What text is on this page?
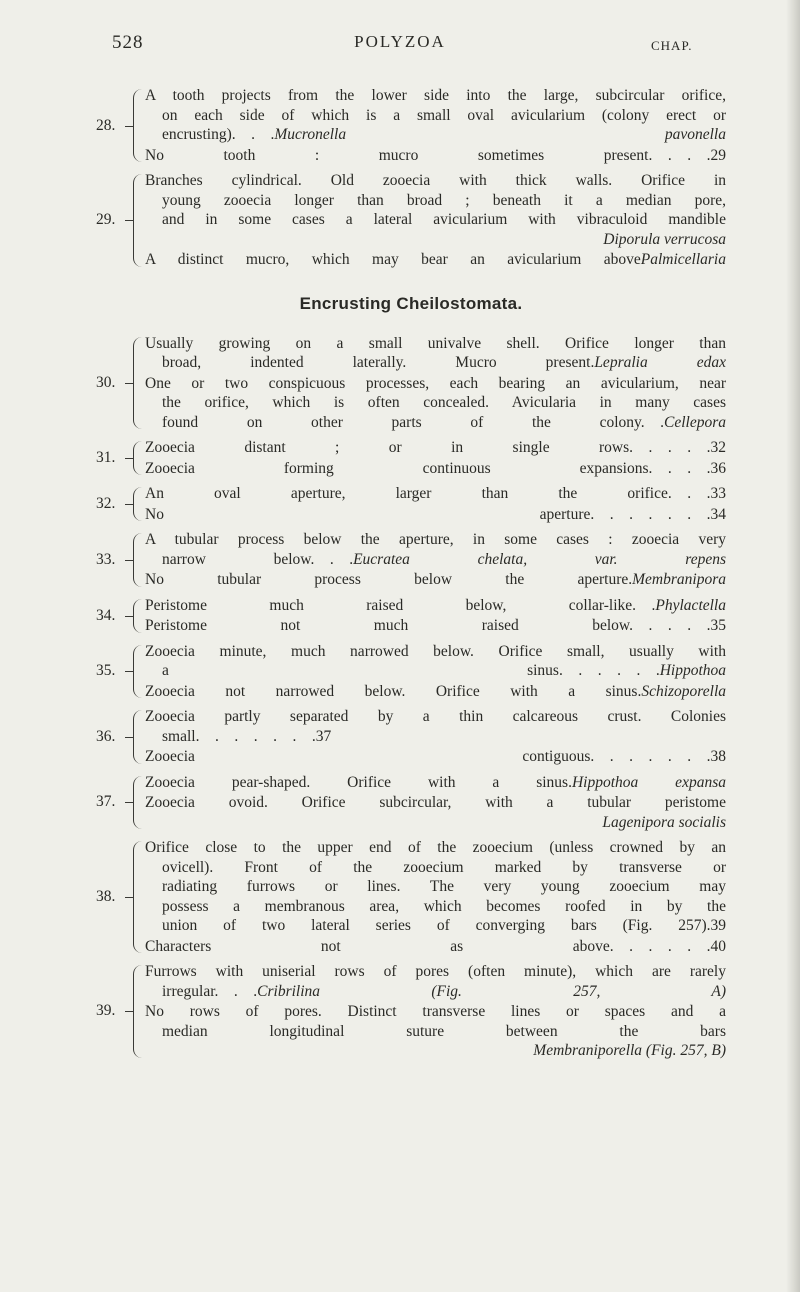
528	POLYZOA	CHAP.
28.
A tooth projects from the lower side into the large, subcircular orifice,
on each side of which is a small oval avicularium (colony erect or
encrusting). . .Mucronella pavonella
No tooth : mucro sometimes present. . . .29
29.
Branches cylindrical. Old zooecia with thick walls. Orifice in
young zooecia longer than broad ; beneath it a median pore,
and in some cases a lateral avicularium with vibraculoid mandible
Diporula verrucosa
A distinct mucro, which may bear an avicularium abovePalmicellaria
Encrusting Cheilostomata.
30.
Usually growing on a small univalve shell. Orifice longer than
broad, indented laterally. Mucro present.Lepralia edax
One or two conspicuous processes, each bearing an avicularium, near
the orifice, which is often concealed. Avicularia in many cases
found on other parts of the colony. .Cellepora
31.
Zooecia distant ; or in single rows. . . . .32
Zooecia forming continuous expansions. . . .36
32.
An oval aperture, larger than the orifice. . .33
No aperture. . . . . . .34
33.
A tubular process below the aperture, in some cases : zooecia very
narrow below. . .Eucratea chelata, var. repens
No tubular process below the aperture.Membranipora
34.
Peristome much raised below, collar-like. .Phylactella
Peristome not much raised below. . . . .35
35.
Zooecia minute, much narrowed below. Orifice small, usually with
a sinus. . . . . .Hippothoa
Zooecia not narrowed below. Orifice with a sinus.Schizoporella
36.
Zooecia partly separated by a thin calcareous crust. Colonies
small. . . . . . .37
Zooecia contiguous. . . . . . .38
37.
Zooecia pear-shaped. Orifice with a sinus.Hippothoa expansa
Zooecia ovoid. Orifice subcircular, with a tubular peristome
Lagenipora socialis
38.
Orifice close to the upper end of the zooecium (unless crowned by an
ovicell). Front of the zooecium marked by transverse or
radiating furrows or lines. The very young zooecium may
possess a membranous area, which becomes roofed in by the
union of two lateral series of converging bars (Fig. 257).39
Characters not as above. . . . . .40
39.
Furrows with uniserial rows of pores (often minute), which are rarely
irregular. . .Cribrilina (Fig. 257, A)
No rows of pores. Distinct transverse lines or spaces and a
median longitudinal suture between the bars
Membraniporella (Fig. 257, B)
